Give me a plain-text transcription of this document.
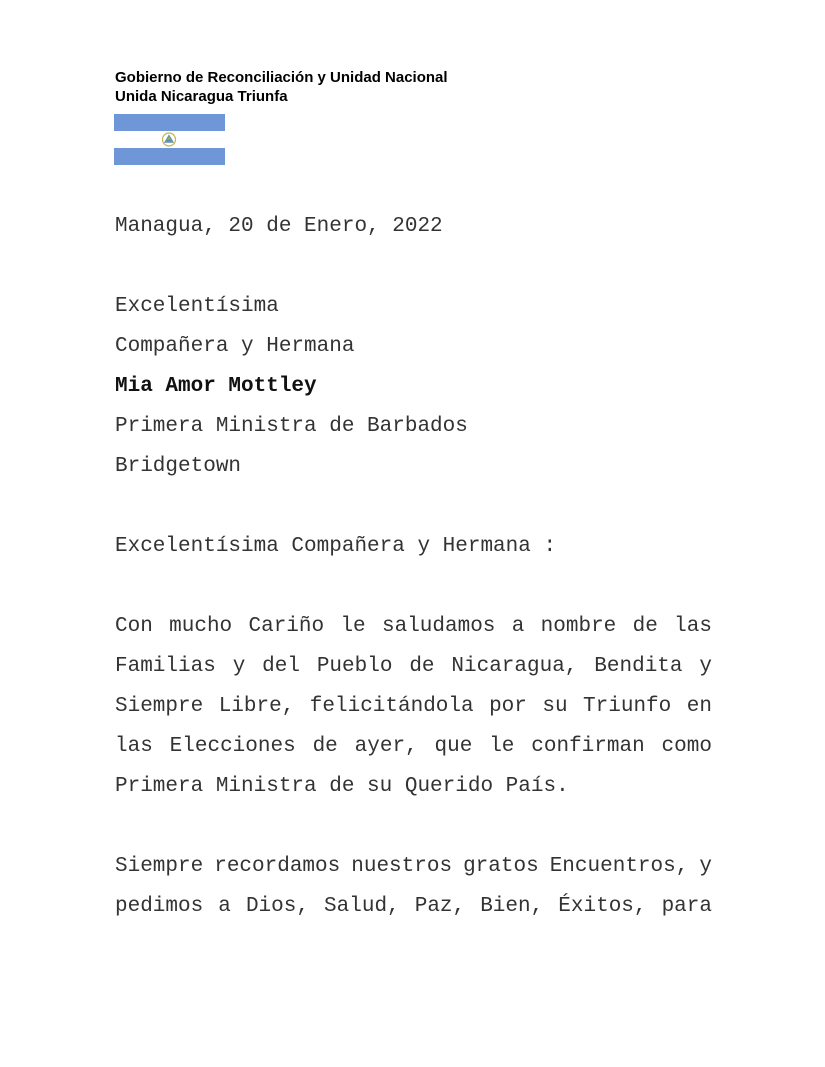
Gobierno de Reconciliación y Unidad Nacional
Unida Nicaragua Triunfa
Managua, 20 de Enero, 2022
Excelentísima
Compañera y Hermana
Mia Amor Mottley
Primera Ministra de Barbados
Bridgetown
Excelentísima Compañera y Hermana :
Con mucho Cariño le saludamos a nombre de las
Familias y del Pueblo de Nicaragua, Bendita y
Siempre Libre, felicitándola por su Triunfo en
las Elecciones de ayer, que le confirman como
Primera Ministra de su Querido País.
Siempre recordamos nuestros gratos Encuentros, y
pedimos a Dios, Salud, Paz, Bien, Éxitos, para
